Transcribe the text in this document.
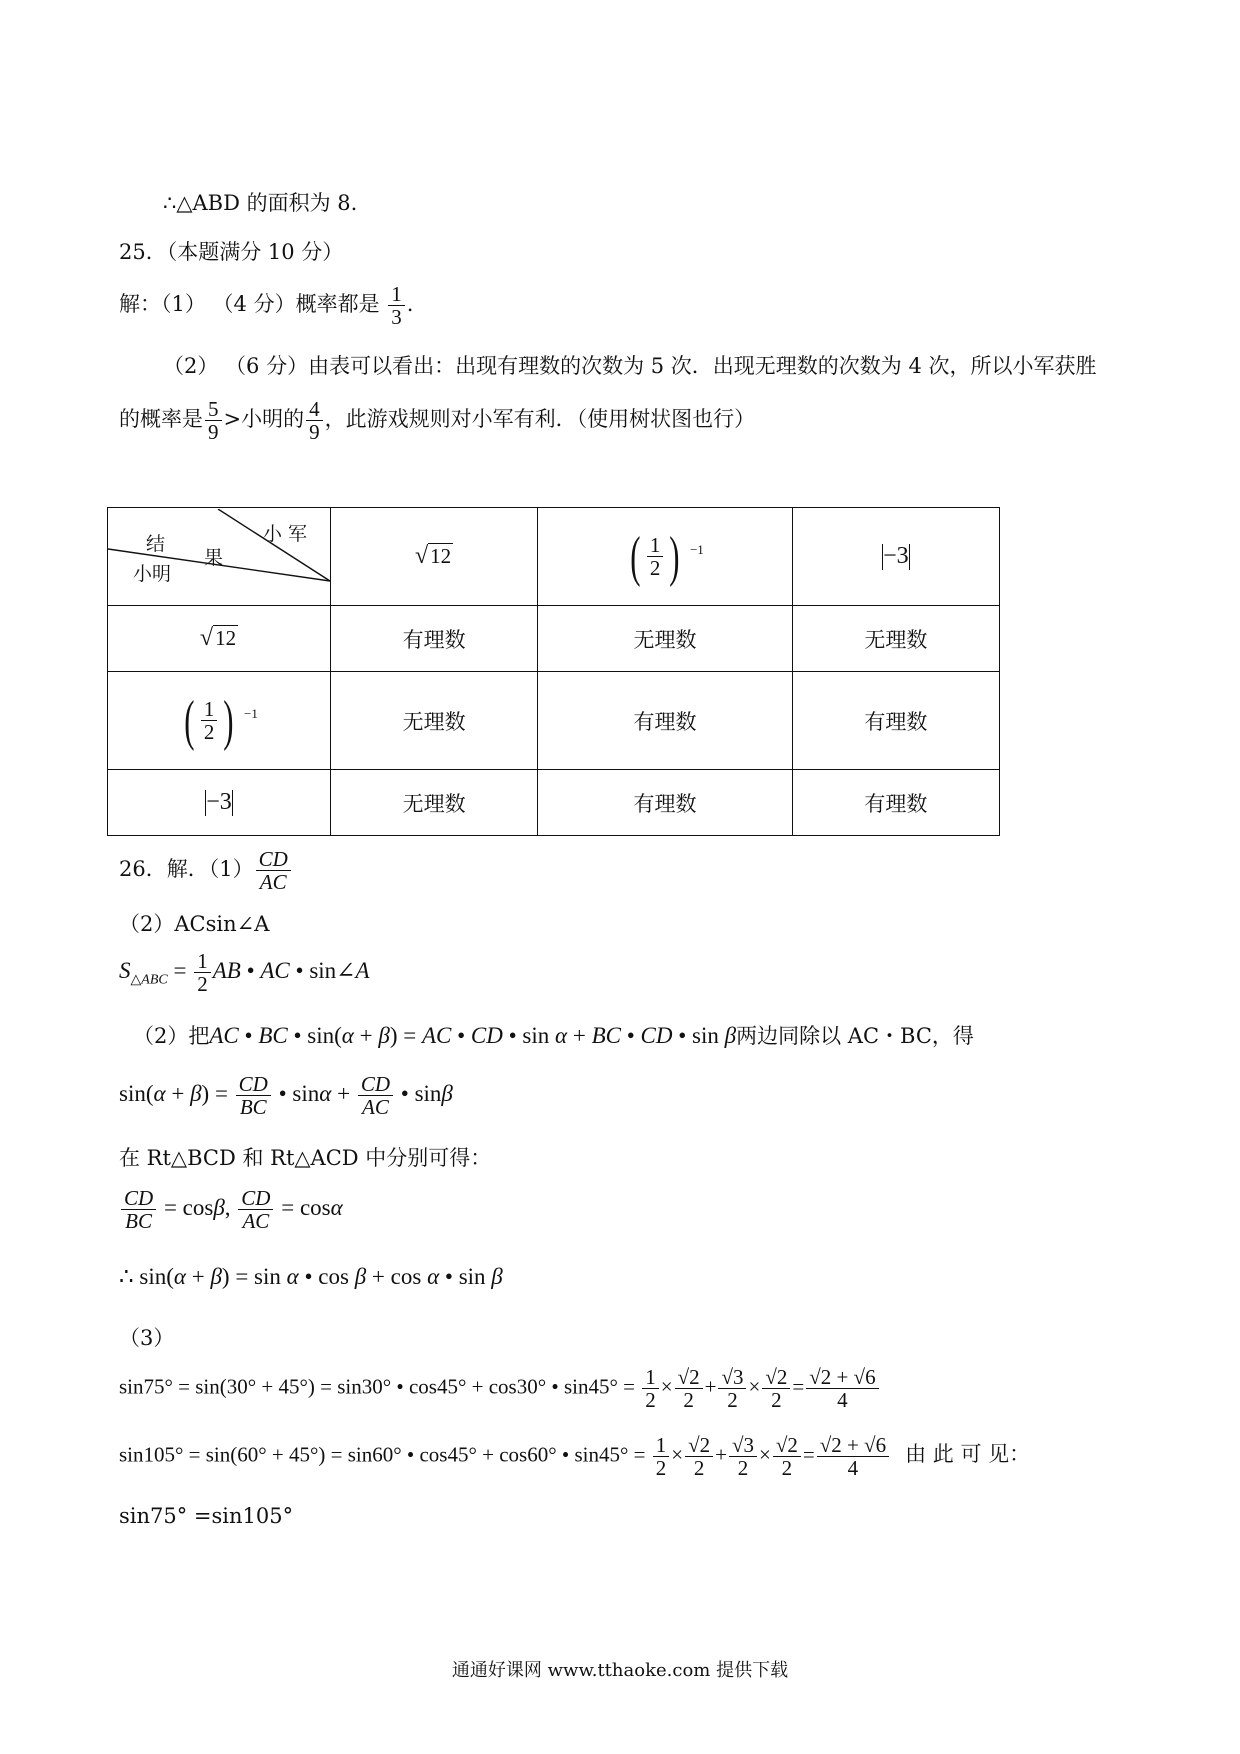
∴△ABD 的面积为 8.
25．（本题满分 10 分）
解：（1） （4 分）概率都是 $\frac{1}{3}$ .
（2） （6 分）由表可以看出：出现有理数的次数为 5 次．出现无理数的次数为 4 次，所以小军获胜
的概率是 $\frac{5}{9}$ >小明的 $\frac{4}{9}$ ，此游戏规则对小军有利．（使用树状图也行）
小 军
结
果
小明	√12	( $\frac{1}{2}$ ) $^{-1}$	−3
√12	有理数	无理数	无理数
( $\frac{1}{2}$ ) $^{-1}$	无理数	有理数	有理数
−3	无理数	有理数	有理数
26．解．$(1) \frac{CD}{AC}$
（2）ACsin∠A
$S_{\triangle ABC} = \frac{1}{2}$ AB • AC • sin∠A
（2）把AC • BC • sin(α + β) = AC • CD • sin α + BC • CD • sin β两边同除以 AC・BC，得
$\sin(\alpha + \beta) = \frac{CD}{BC}$ • $\sin\alpha + \frac{CD}{AC}$ • sinβ
在 Rt△BCD 和 Rt△ACD 中分别可得：
$\frac{CD}{BC} = \cos\beta$, $\frac{CD}{AC} = \cos\alpha$
∴ sin(α + β) = sin α • cos β + cos α • sin β
（3）
sin75° = sin(30° + 45°) = sin30° • cos45° + cos30° • $\sin 45^\circ = \frac{1}{2} \times \frac{√2}{2} + \frac{√3}{2} \times \frac{√2}{2} = \frac{√2 + √6}{4}$
sin105° = sin(60° + 45°) = sin60° • cos45° + cos60° • $\sin 45^\circ = \frac{1}{2} \times \frac{√2}{2} + \frac{√3}{2} \times \frac{√2}{2} = \frac{√2 + √6}{4}$ 由 此 可 见：
sin75° =sin105°
通通好课网 www.tthaoke.com 提供下载
